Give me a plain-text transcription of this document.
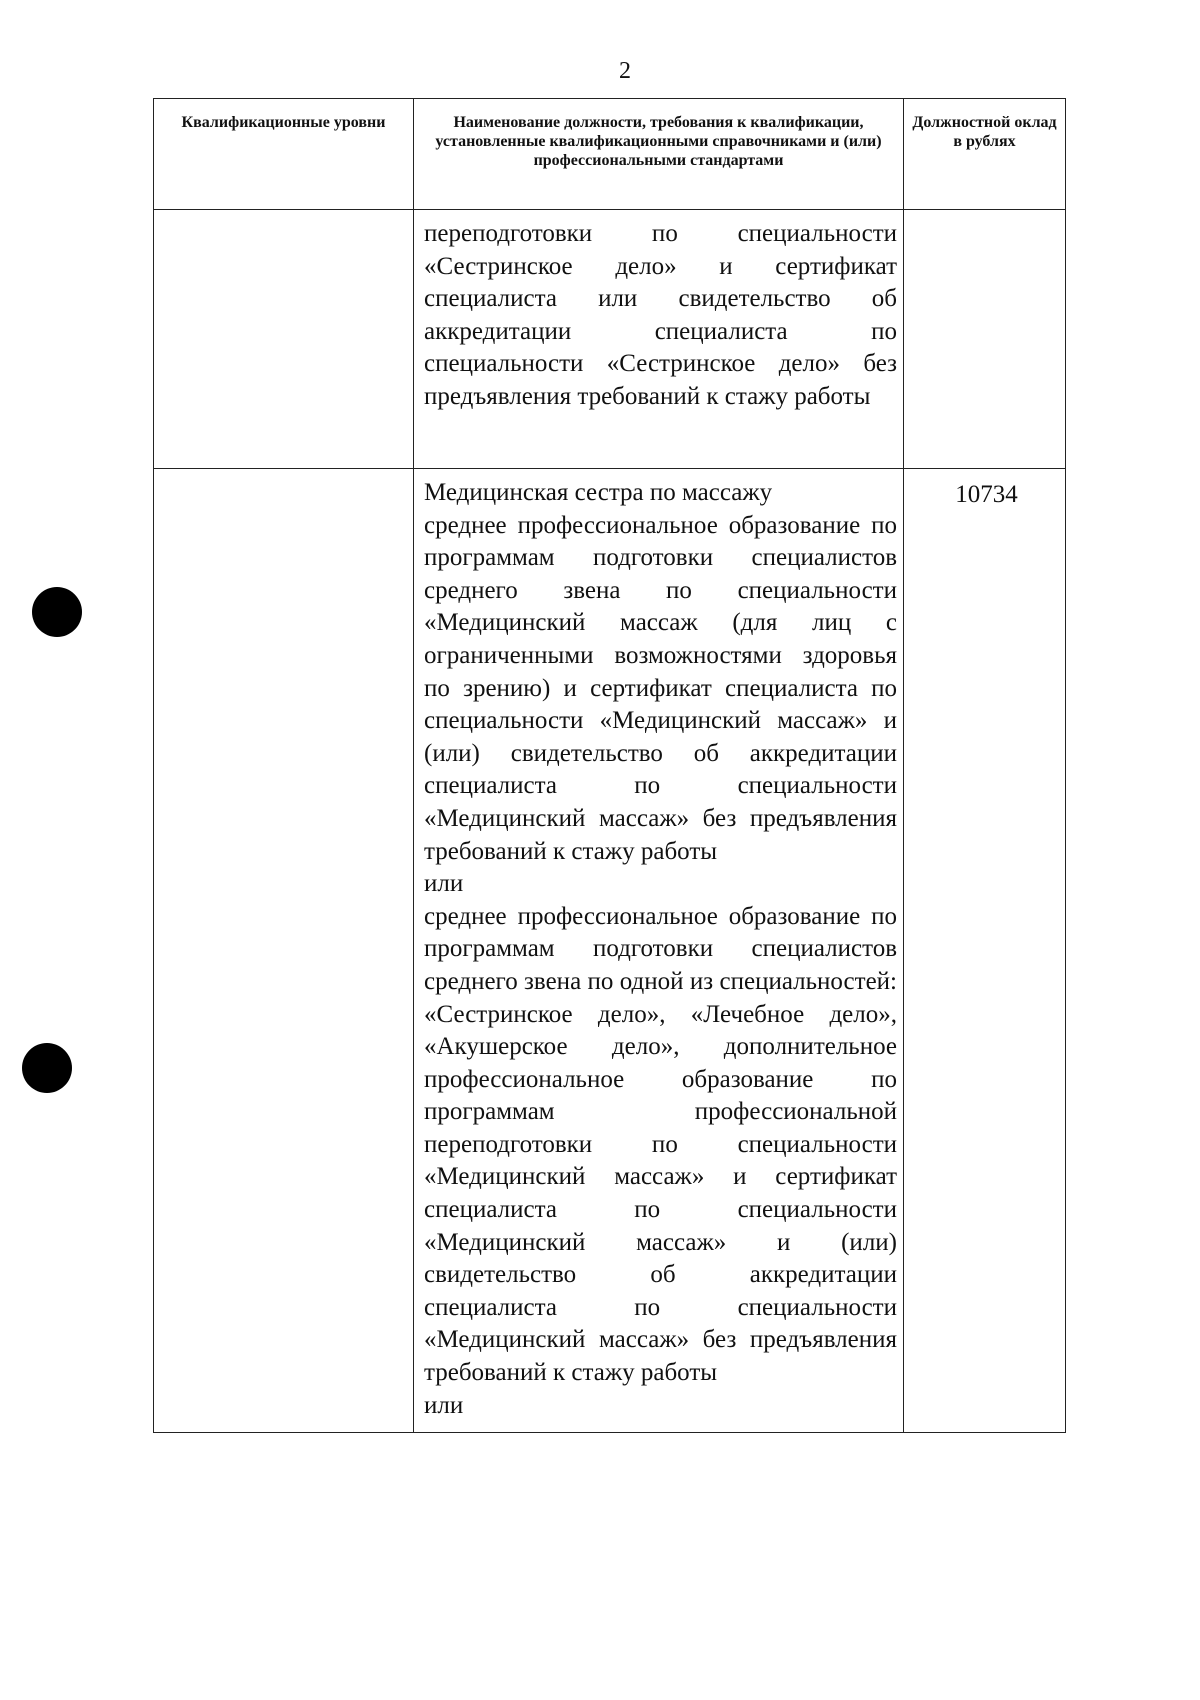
2
Квалификационные уровни	Наименование должности, требования к квалификации, установленные квалификационными справочниками и (или) профессиональными стандартами	Должностной оклад в рублях

	переподготовки по специальности «Сестринское дело» и сертификат специалиста или свидетельство об аккредитации специалиста по специальности «Сестринское дело» без предъявления требований к стажу работы	

	Медицинская сестра по массажу
среднее профессиональное образование по программам подготовки специалистов среднего звена по специальности «Медицинский массаж (для лиц с ограниченными возможностями здоровья по зрению) и сертификат специалиста по специальности «Медицинский массаж» и (или) свидетельство об аккредитации специалиста по специальности «Медицинский массаж» без предъявления требований к стажу работы
или
среднее профессиональное образование по программам подготовки специалистов среднего звена по одной из специальностей: «Сестринское дело», «Лечебное дело», «Акушерское дело», дополнительное профессиональное образование по программам профессиональной переподготовки по специальности «Медицинский массаж» и сертификат специалиста по специальности «Медицинский массаж» и (или) свидетельство об аккредитации специалиста по специальности «Медицинский массаж» без предъявления требований к стажу работы
или	10734
